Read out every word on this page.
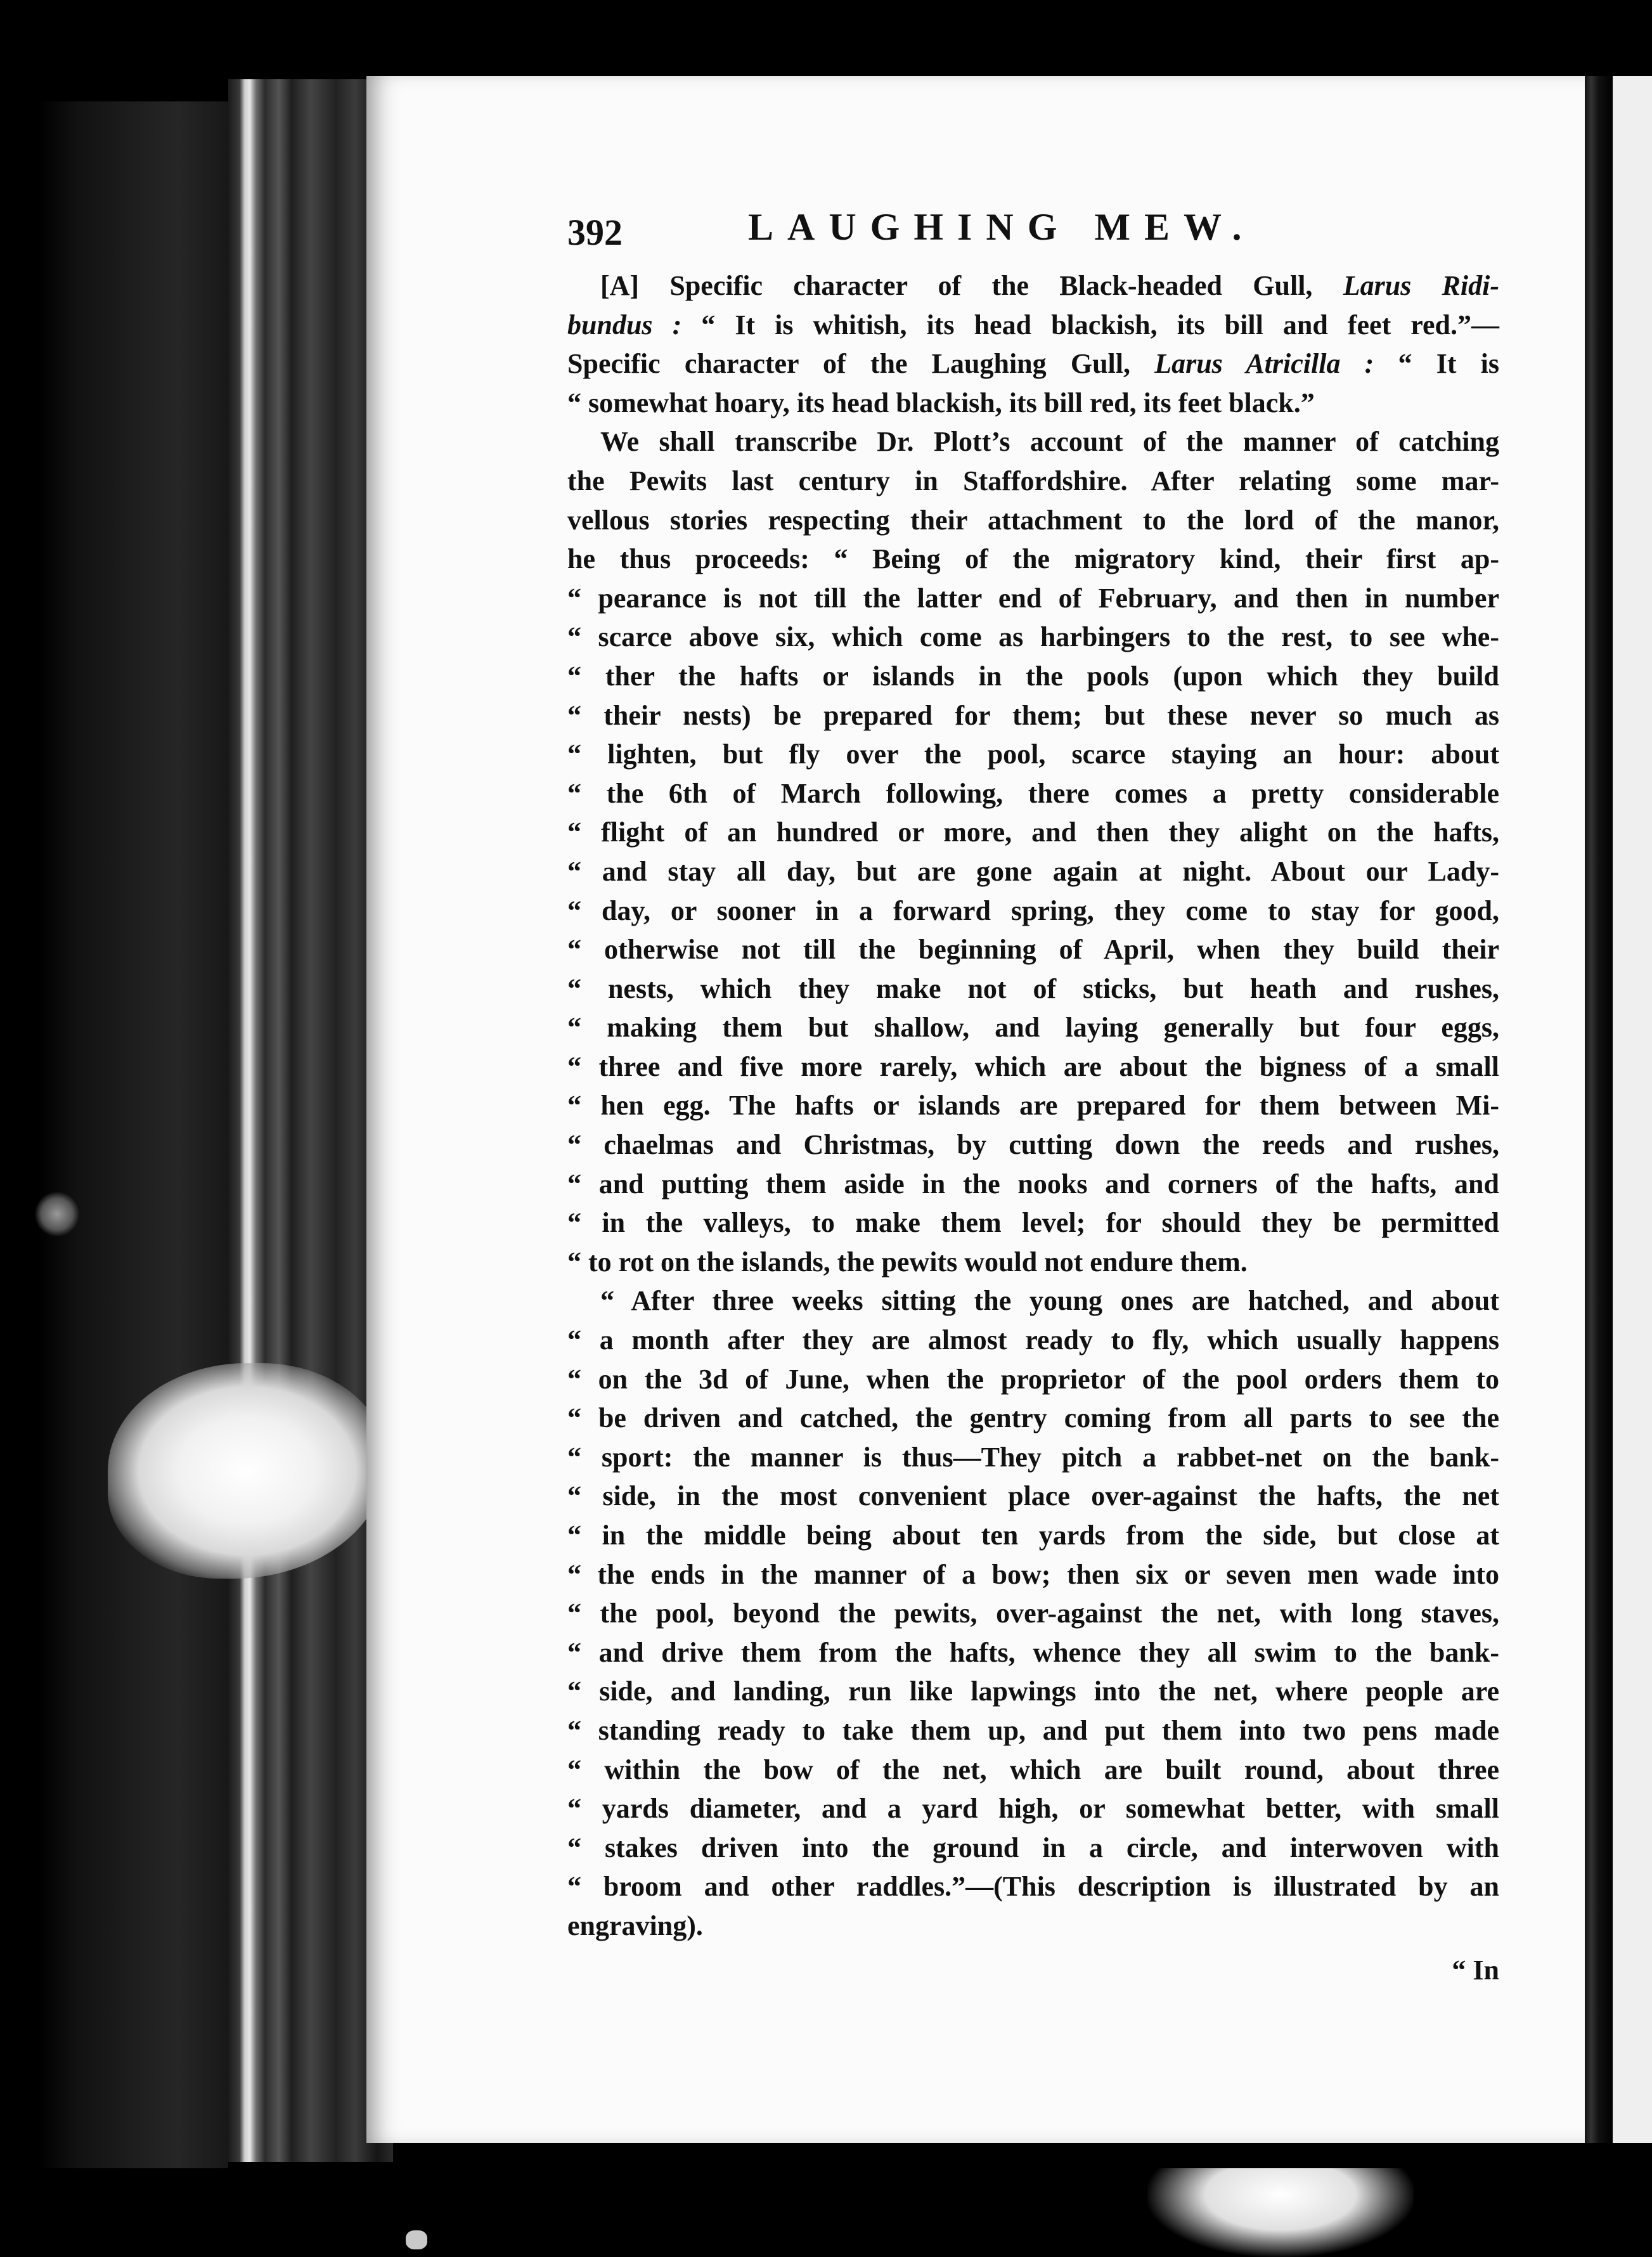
392	LAUGHING MEW.

[A] Specific character of the Black-headed Gull, Larus Ridi-
bundus : “ It is whitish, its head blackish, its bill and feet red.”—
Specific character of the Laughing Gull, Larus Atricilla : “ It is
“ somewhat hoary, its head blackish, its bill red, its feet black.”

We shall transcribe Dr. Plott’s account of the manner of catching
the Pewits last century in Staffordshire. After relating some mar-
vellous stories respecting their attachment to the lord of the manor,
he thus proceeds: “ Being of the migratory kind, their first ap-
“ pearance is not till the latter end of February, and then in number
“ scarce above six, which come as harbingers to the rest, to see whe-
“ ther the hafts or islands in the pools (upon which they build
“ their nests) be prepared for them; but these never so much as
“ lighten, but fly over the pool, scarce staying an hour: about
“ the 6th of March following, there comes a pretty considerable
“ flight of an hundred or more, and then they alight on the hafts,
“ and stay all day, but are gone again at night. About our Lady-
“ day, or sooner in a forward spring, they come to stay for good,
“ otherwise not till the beginning of April, when they build their
“ nests, which they make not of sticks, but heath and rushes,
“ making them but shallow, and laying generally but four eggs,
“ three and five more rarely, which are about the bigness of a small
“ hen egg. The hafts or islands are prepared for them between Mi-
“ chaelmas and Christmas, by cutting down the reeds and rushes,
“ and putting them aside in the nooks and corners of the hafts, and
“ in the valleys, to make them level; for should they be permitted
“ to rot on the islands, the pewits would not endure them.

“ After three weeks sitting the young ones are hatched, and about
“ a month after they are almost ready to fly, which usually happens
“ on the 3d of June, when the proprietor of the pool orders them to
“ be driven and catched, the gentry coming from all parts to see the
“ sport: the manner is thus—They pitch a rabbet-net on the bank-
“ side, in the most convenient place over-against the hafts, the net
“ in the middle being about ten yards from the side, but close at
“ the ends in the manner of a bow; then six or seven men wade into
“ the pool, beyond the pewits, over-against the net, with long staves,
“ and drive them from the hafts, whence they all swim to the bank-
“ side, and landing, run like lapwings into the net, where people are
“ standing ready to take them up, and put them into two pens made
“ within the bow of the net, which are built round, about three
“ yards diameter, and a yard high, or somewhat better, with small
“ stakes driven into the ground in a circle, and interwoven with
“ broom and other raddles.”—(This description is illustrated by an
engraving).

“ In
